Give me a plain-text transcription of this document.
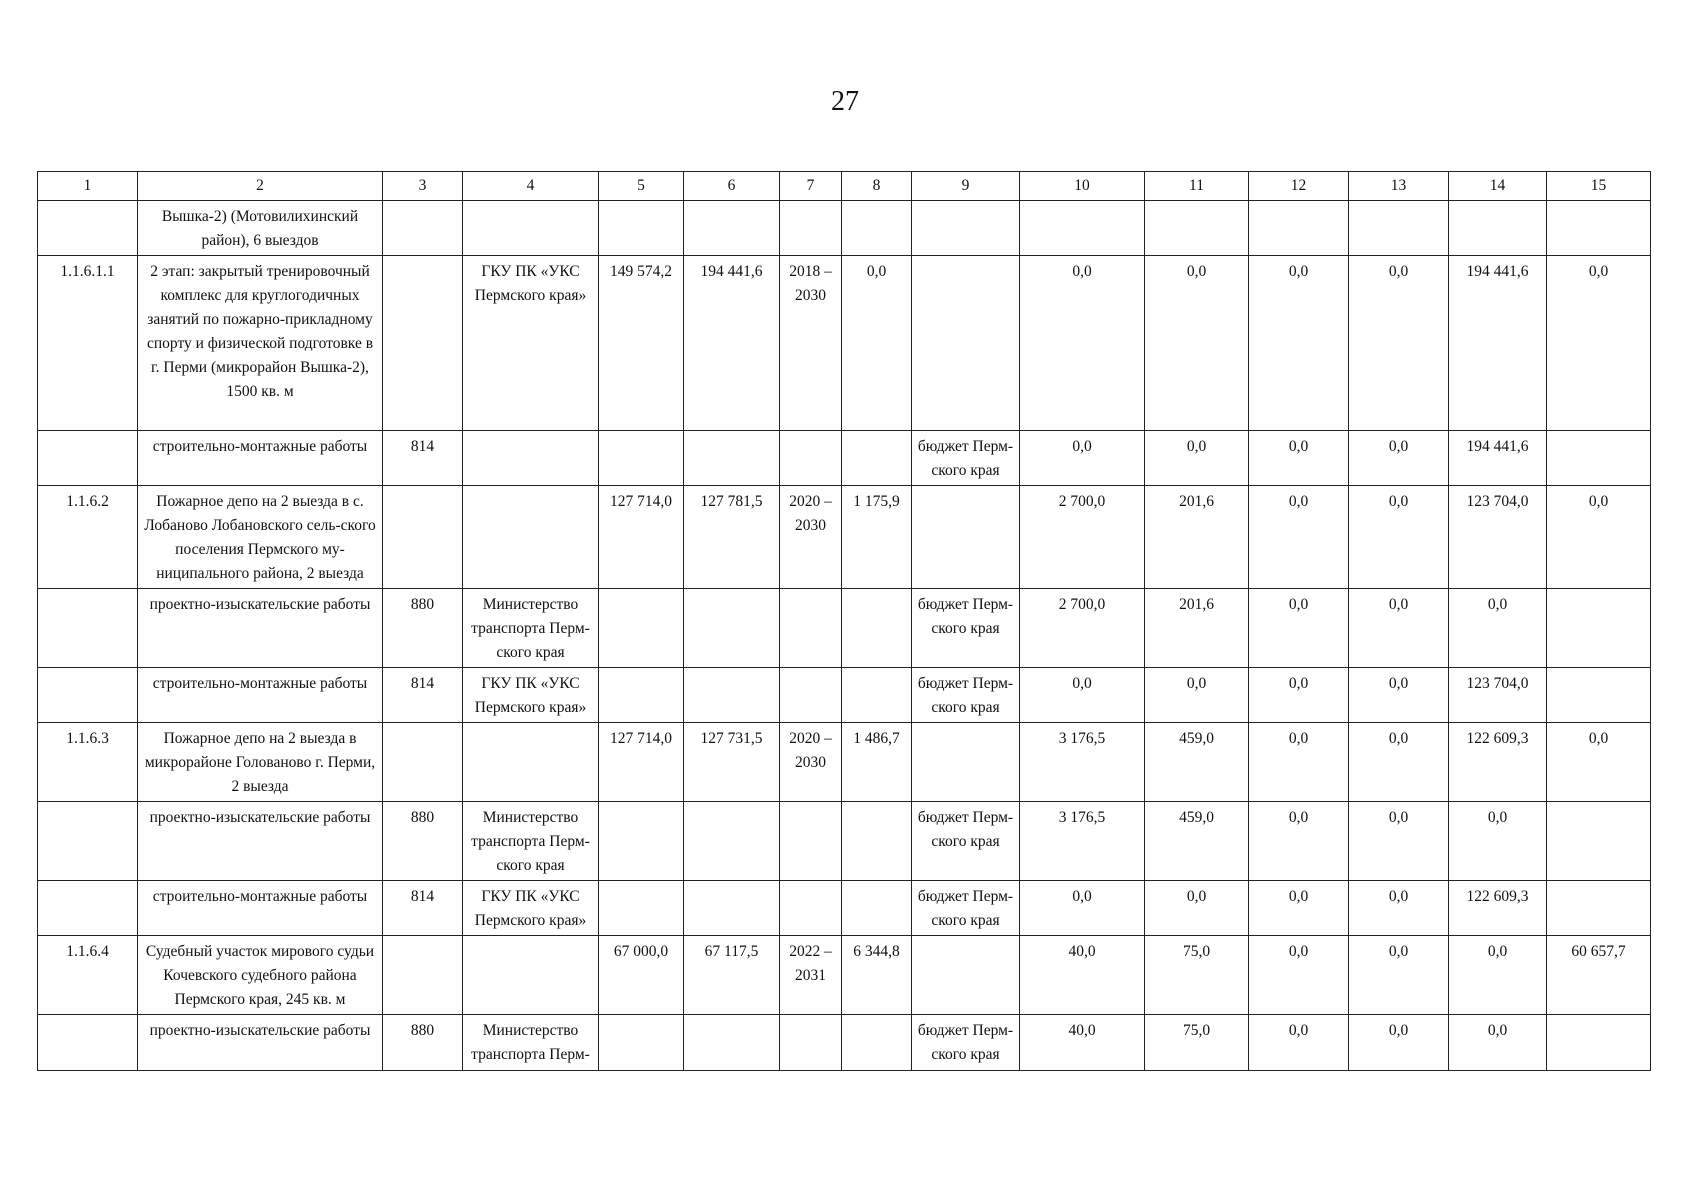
27
1	2	3	4	5	6	7	8	9	10	11	12	13	14	15
	Вышка-2) (Мотовилихинский район), 6 выездов													
1.1.6.1.1	2 этап: закрытый тренировочный комплекс для круглогодичных занятий по пожарно-прикладному спорту и физической подготовке в г. Перми (микрорайон Вышка-2), 1500 кв. м		ГКУ ПК «УКС Пермского края»	149 574,2	194 441,6	2018 – 2030	0,0		0,0	0,0	0,0	0,0	194 441,6	0,0
	строительно-монтажные работы	814						бюджет Перм-ского края	0,0	0,0	0,0	0,0	194 441,6	
1.1.6.2	Пожарное депо на 2 выезда в с. Лобаново Лобановского сель-ского поселения Пермского му-ниципального района, 2 выезда			127 714,0	127 781,5	2020 – 2030	1 175,9		2 700,0	201,6	0,0	0,0	123 704,0	0,0
	проектно-изыскательские работы	880	Министерство транспорта Перм-ского края					бюджет Перм-ского края	2 700,0	201,6	0,0	0,0	0,0	
	строительно-монтажные работы	814	ГКУ ПК «УКС Пермского края»					бюджет Перм-ского края	0,0	0,0	0,0	0,0	123 704,0	
1.1.6.3	Пожарное депо на 2 выезда в микрорайоне Голованово г. Перми, 2 выезда			127 714,0	127 731,5	2020 – 2030	1 486,7		3 176,5	459,0	0,0	0,0	122 609,3	0,0
	проектно-изыскательские работы	880	Министерство транспорта Перм-ского края					бюджет Перм-ского края	3 176,5	459,0	0,0	0,0	0,0	
	строительно-монтажные работы	814	ГКУ ПК «УКС Пермского края»					бюджет Перм-ского края	0,0	0,0	0,0	0,0	122 609,3	
1.1.6.4	Судебный участок мирового судьи Кочевского судебного района Пермского края, 245 кв. м			67 000,0	67 117,5	2022 – 2031	6 344,8		40,0	75,0	0,0	0,0	0,0	60 657,7
	проектно-изыскательские работы	880	Министерство транспорта Перм-					бюджет Перм-ского края	40,0	75,0	0,0	0,0	0,0	
